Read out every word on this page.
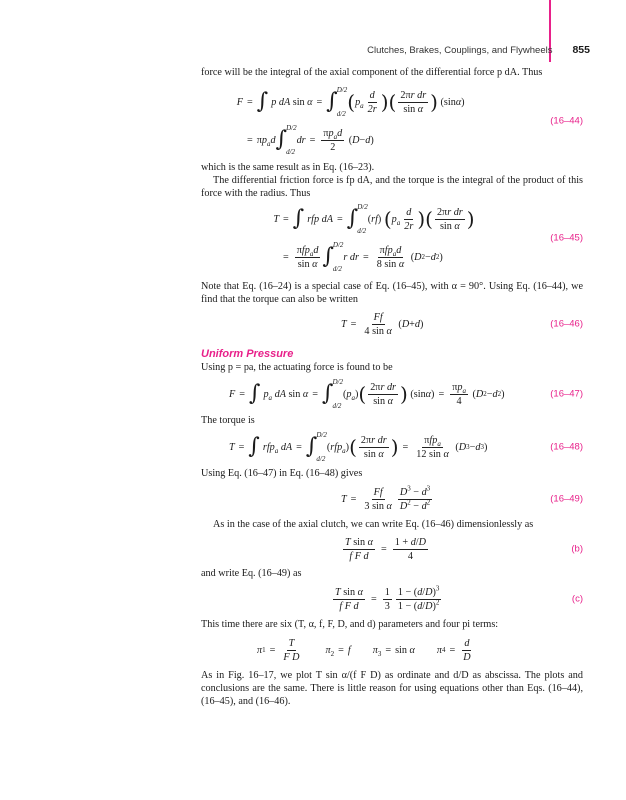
Clutches, Brakes, Couplings, and Flywheels 855

force will be the integral of the axial component of the differential force p dA. Thus

F = ∫ p dA sin α = ∫ D/2
d/2 ( $p_a \frac{d}{2r}$ ) ( $\frac{\text{2πr dr}}{\text{sin α}}$ ) (sin α )
= $\pi p_ad$ ∫ D/2
d/2
dr = $\frac{\pi p_ad}{2}$ ( D − d )
(16–44)

which is the same result as in Eq. (16–23).

The differential friction force is fp dA, and the torque is the integral of the product of this force with the radius. Thus

T = ∫ rfp dA = ∫ D/2
d/2
( rf ) ( $p_a \frac{d}{2r}$ ) ( $\frac{\text{2πr dr}}{\text{sin α}}$ )
= $\frac{\pi fp_ad}{\text{sin α}}$ ∫ D/2
d/2
r dr = $\frac{\pi fp_ad}{\text{8 sin α}}$ ( D 2 − d 2 )
(16–45)

Note that Eq. (16–24) is a special case of Eq. (16–45), with α = 90°. Using Eq. (16–44), we find that the torque can also be written

$T = \frac{Ff}{\text{4 sin α}}$ ( D + d )	(16–46)
Uniform Pressure

Using p = pa, the actuating force is found to be

F = ∫ $p_a$ dA sin α = ∫ D/2
d/2
( $p_a$ ) ( $\frac{\text{2πr dr}}{\text{sin α}}$ ) (sin α ) = $\frac{\pi p_a}{4}$ ( D 2 − d 2 )	(16–47)

The torque is

T = ∫ rfp$_a$ dA = ∫ D/2
d/2
( rfp$_a$ ) ( $\frac{\text{2πr dr}}{\text{sin α}}$ ) = $\frac{\pi fp_a}{\text{12 sin α}}$ ( D 3 − d 3 )	(16–48)

Using Eq. (16–47) in Eq. (16–48) gives

$T = \frac{Ff}{\text{3 sin α}} \frac{D^3 - d^3}{D^2 - d^2}$	(16–49)

As in the case of the axial clutch, we can write Eq. (16–46) dimensionlessly as

$\frac{\text{T sin α}}{\text{f F d}} = \frac{1 + d/D}{4}$	(b)

and write Eq. (16–49) as

$\frac{\text{T sin α}}{\text{f F d}} = \frac{1}{3} \frac{1 - (d/D)^3}{1 - (d/D)^2}$	(c)

This time there are six (T, α, f, F, D, and d) parameters and four pi terms:

π $1 = \frac{T}{\text{F D}} \pi_2 = f$ $\pi_3 = \sin \alpha$ π $4 = \frac{d}{D}$

As in Fig. 16–17, we plot T sin α/(f F D) as ordinate and d/D as abscissa. The plots and conclusions are the same. There is little reason for using equations other than Eqs. (16–44), (16–45), and (16–46).
